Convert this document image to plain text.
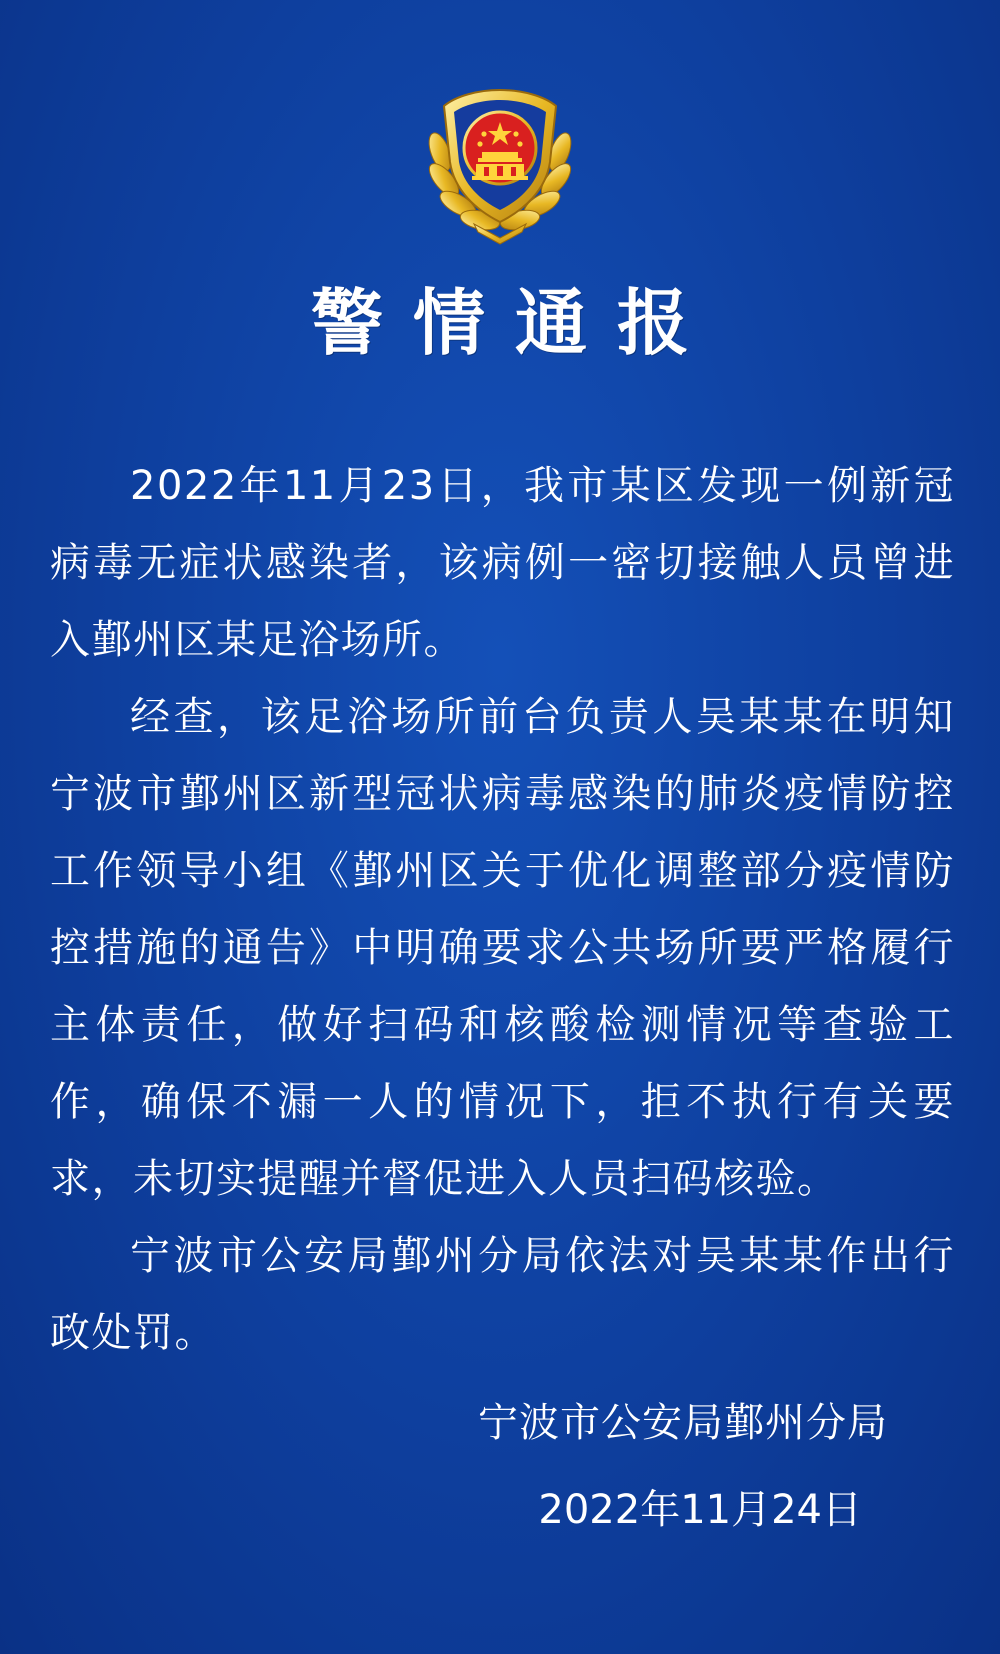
警情通报

2022年11月23日，我市某区发现一例新冠病毒无症状感染者，该病例一密切接触人员曾进入鄞州区某足浴场所。

经查，该足浴场所前台负责人吴某某在明知宁波市鄞州区新型冠状病毒感染的肺炎疫情防控工作领导小组《鄞州区关于优化调整部分疫情防控措施的通告》中明确要求公共场所要严格履行主体责任，做好扫码和核酸检测情况等查验工作，确保不漏一人的情况下，拒不执行有关要求，未切实提醒并督促进入人员扫码核验。

宁波市公安局鄞州分局依法对吴某某作出行政处罚。

宁波市公安局鄞州分局
2022年11月24日
